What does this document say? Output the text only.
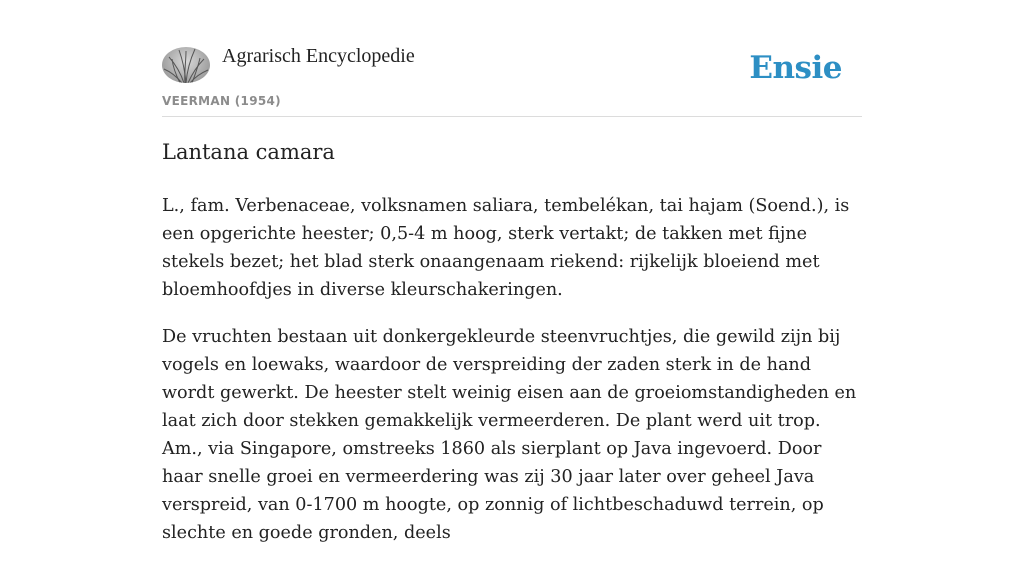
Agrarisch Encyclopedie
VEERMAN (1954)
Ensie
Lantana camara

L., fam. Verbenaceae, volksnamen saliara, tembelékan, tai hajam (Soend.), is een opgerichte heester; 0,5-4 m hoog, sterk vertakt; de takken met fijne stekels bezet; het blad sterk onaangenaam riekend: rijkelijk bloeiend met bloemhoofdjes in diverse kleurschakeringen.

De vruchten bestaan uit donkergekleurde steenvruchtjes, die gewild zijn bij vogels en loewaks, waardoor de verspreiding der zaden sterk in de hand wordt gewerkt. De heester stelt weinig eisen aan de groeiomstandigheden en laat zich door stekken gemakkelijk vermeerderen. De plant werd uit trop. Am., via Singapore, omstreeks 1860 als sierplant op Java ingevoerd. Door haar snelle groei en vermeerdering was zij 30 jaar later over geheel Java verspreid, van 0-1700 m hoogte, op zonnig of lichtbeschaduwd terrein, op slechte en goede gronden, deels
